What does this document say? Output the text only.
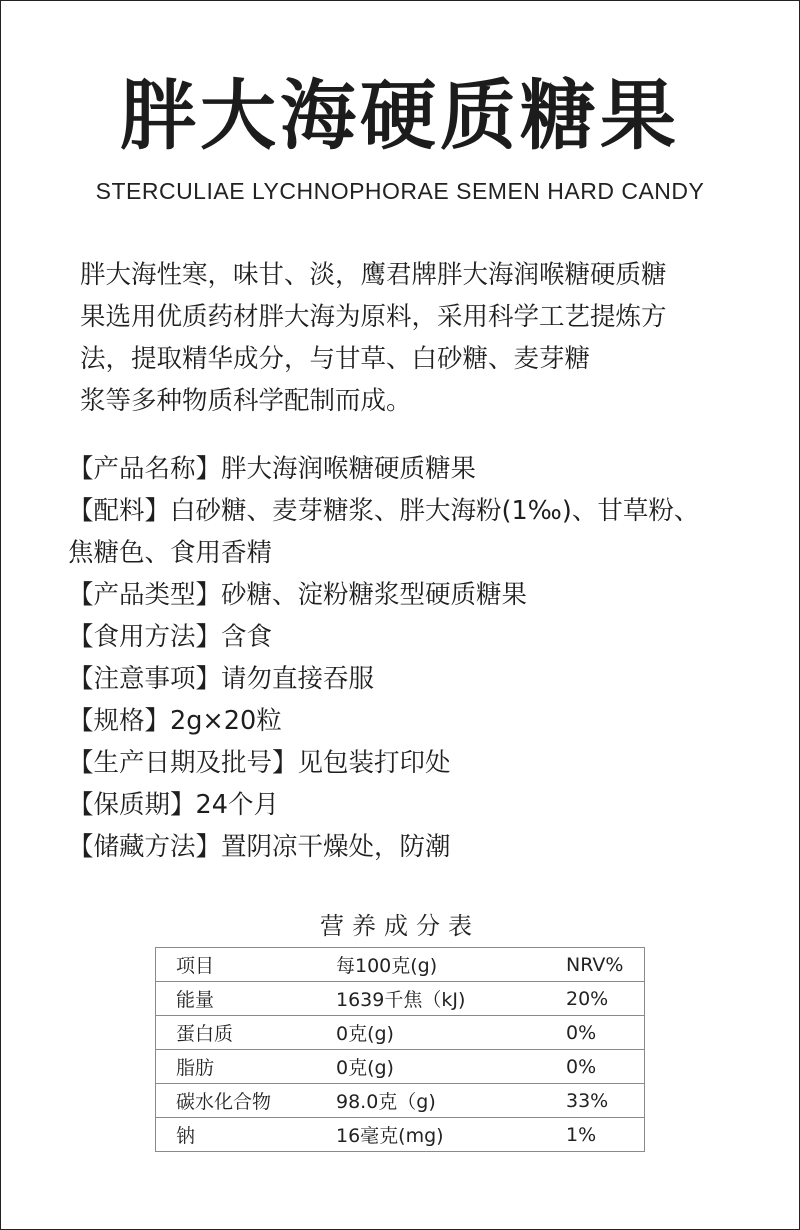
胖大海硬质糖果
STERCULIAE LYCHNOPHORAE SEMEN HARD CANDY
胖大海性寒，味甘、淡，鹰君牌胖大海润喉糖硬质糖
果选用优质药材胖大海为原料，采用科学工艺提炼方
法，提取精华成分，与甘草、白砂糖、麦芽糖
浆等多种物质科学配制而成。
【产品名称】胖大海润喉糖硬质糖果
【配料】白砂糖、麦芽糖浆、胖大海粉(1‰)、甘草粉、
焦糖色、食用香精
【产品类型】砂糖、淀粉糖浆型硬质糖果
【食用方法】含食
【注意事项】请勿直接吞服
【规格】2g×20粒
【生产日期及批号】见包装打印处
【保质期】24个月
【储藏方法】置阴凉干燥处，防潮
营养成分表
项目	每100克(g)	NRV%
能量	1639千焦（kJ)	20%
蛋白质	0克(g)	0%
脂肪	0克(g)	0%
碳水化合物	98.0克（g)	33%
钠	16毫克(mg)	1%
